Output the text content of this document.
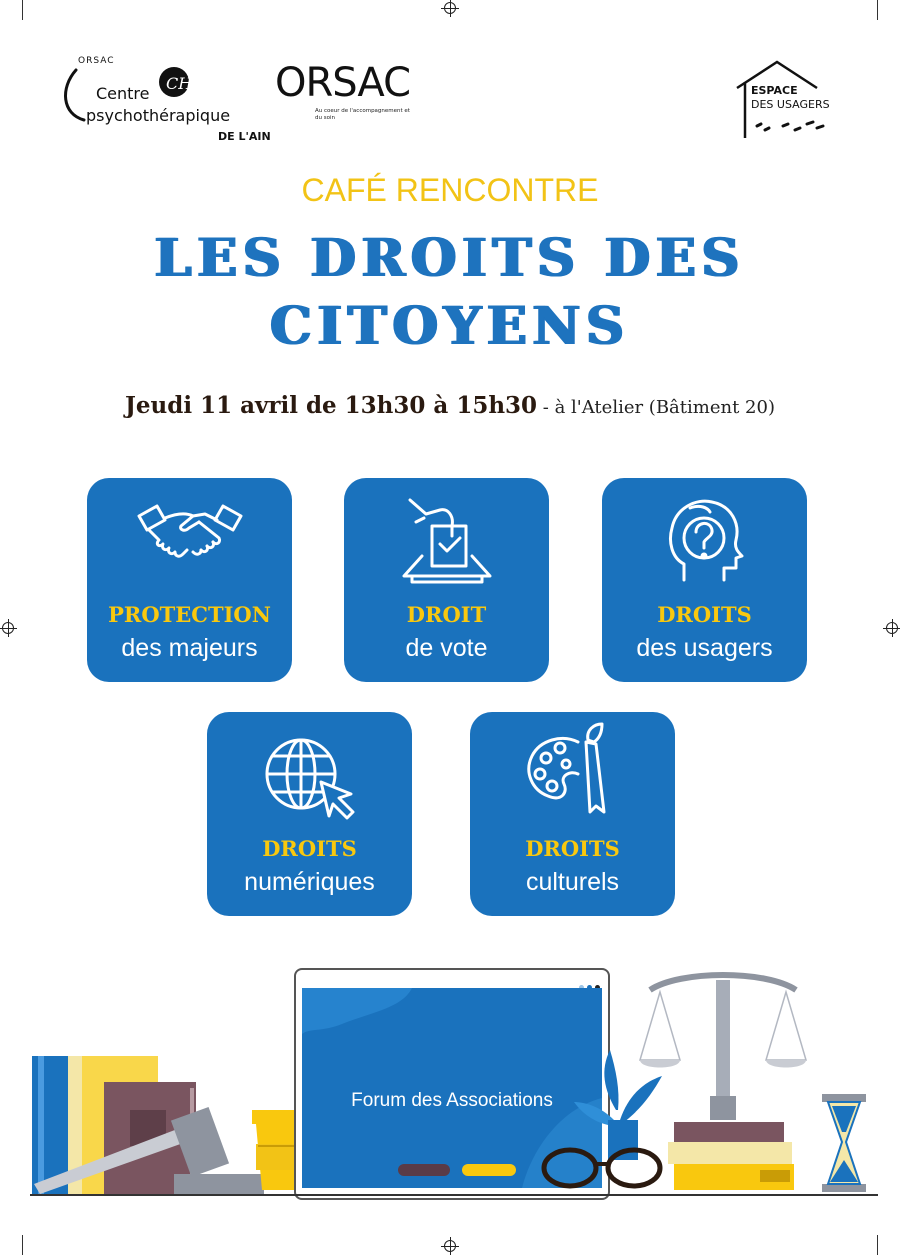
CH
ORSAC
Centre
psychothérapique
DE L'AIN
ORSAC
Au coeur de l'accompagnement et du soin
ESPACE
DES USAGERS
CAFÉ RENCONTRE
LES DROITS DES
CITOYENS
Jeudi 11 avril de 13h30 à 15h30 - à l'Atelier (Bâtiment 20)
PROTECTION
des majeurs
DROIT
de vote
DROITS
des usagers
DROITS
numériques
DROITS
culturels
Forum des Associations
